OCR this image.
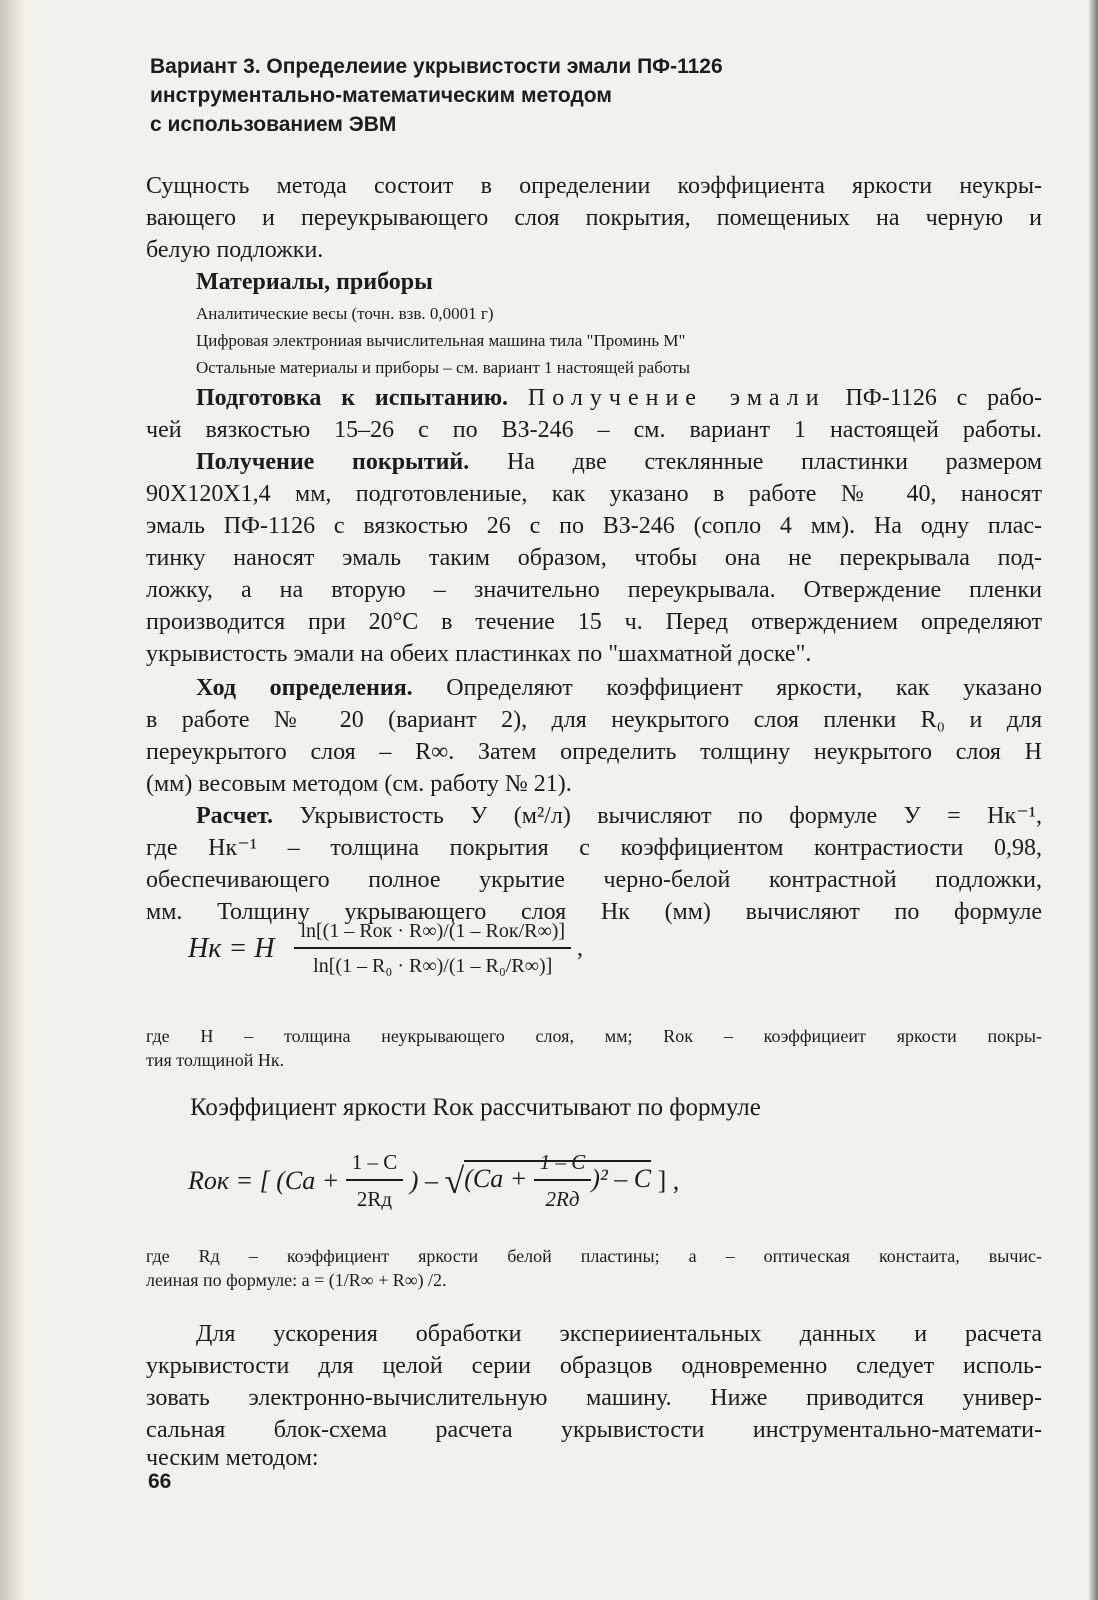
Вариант 3. Определеиие укрывистости эмали ПФ-1126
инструментально-математическим методом
с использованием ЭВМ
Сущность метода состоит в определении коэффициента яркости неукры-
вающего и переукрывающего слоя покрытия, помещениых на черную и
белую подложки.
Материалы, приборы
Аналитические весы (точн. взв. 0,0001 г)
Цифровая электрониая вычислительная машина тила "Проминь М"
Остальные материалы и приборы – см. вариант 1 настоящей работы
Подготовка к испытанию. Получение эмали ПФ-1126 с рабо-
чей вязкостью 15–26 с по ВЗ-246 – см. вариант 1 настоящей работы.
Получение покрытий. На две стеклянные пластинки размером
90Х120Х1,4 мм, подготовлениые, как указано в работе № 40, наносят
эмаль ПФ-1126 с вязкостью 26 с по ВЗ-246 (сопло 4 мм). На одну плас-
тинку наносят эмаль таким образом, чтобы она не перекрывала под-
ложку, а на вторую – значительно переукрывала. Отверждение пленки
производится при 20°С в течение 15 ч. Перед отверждением определяют
укрывистость эмали на обеих пластинках по "шахматной доске".
Ход определения. Определяют коэффициент яркости, как указано
в работе № 20 (вариант 2), для неукрытого слоя пленки R₀ и для
переукрытого слоя – R∞. Затем определить толщину неукрытого слоя H
(мм) весовым методом (см. работу № 21).
Расчет. Укрывистость У (м²/л) вычисляют по формуле У = Hк⁻¹,
где Hк⁻¹ – толщина покрытия с коэффициентом контрастиости 0,98,
обеспечивающего полное укрытие черно-белой контрастной подложки,
мм. Толщину укрывающего слоя Hк (мм) вычисляют по формуле
Hк = H $\frac{\text{ln[(1 – Rок · R∞)/(1 – Rок/R∞)]}}{\text{ln[(1 – R₀ · R∞)/(1 – R₀/R∞)]}}$ ,
где H – толщина неукрывающего слоя, мм; Rок – коэффициеит яркости покры-
тия толщиной Hк.
Коэффициент яркости Rок рассчитывают по формуле
Rок = [ ($Ca + \frac{1 - C}{2Rд}$ ) – $√(Ca + \frac{1 - C}{2Rд} )^2 - C$ ] ,
где Rд – коэффициент яркости белой пластины; a – оптическая констаита, вычис-
леиная по формуле: a = (1/R∞ + R∞) /2.
Для ускорения обработки эксперииентальных данных и расчета
укрывистости для целой серии образцов одновременно следует исполь-
зовать электронно-вычислительную машину. Ниже приводится универ-
сальная блок-схема расчета укрывистости инструментально-математи-
ческим методом:
66
